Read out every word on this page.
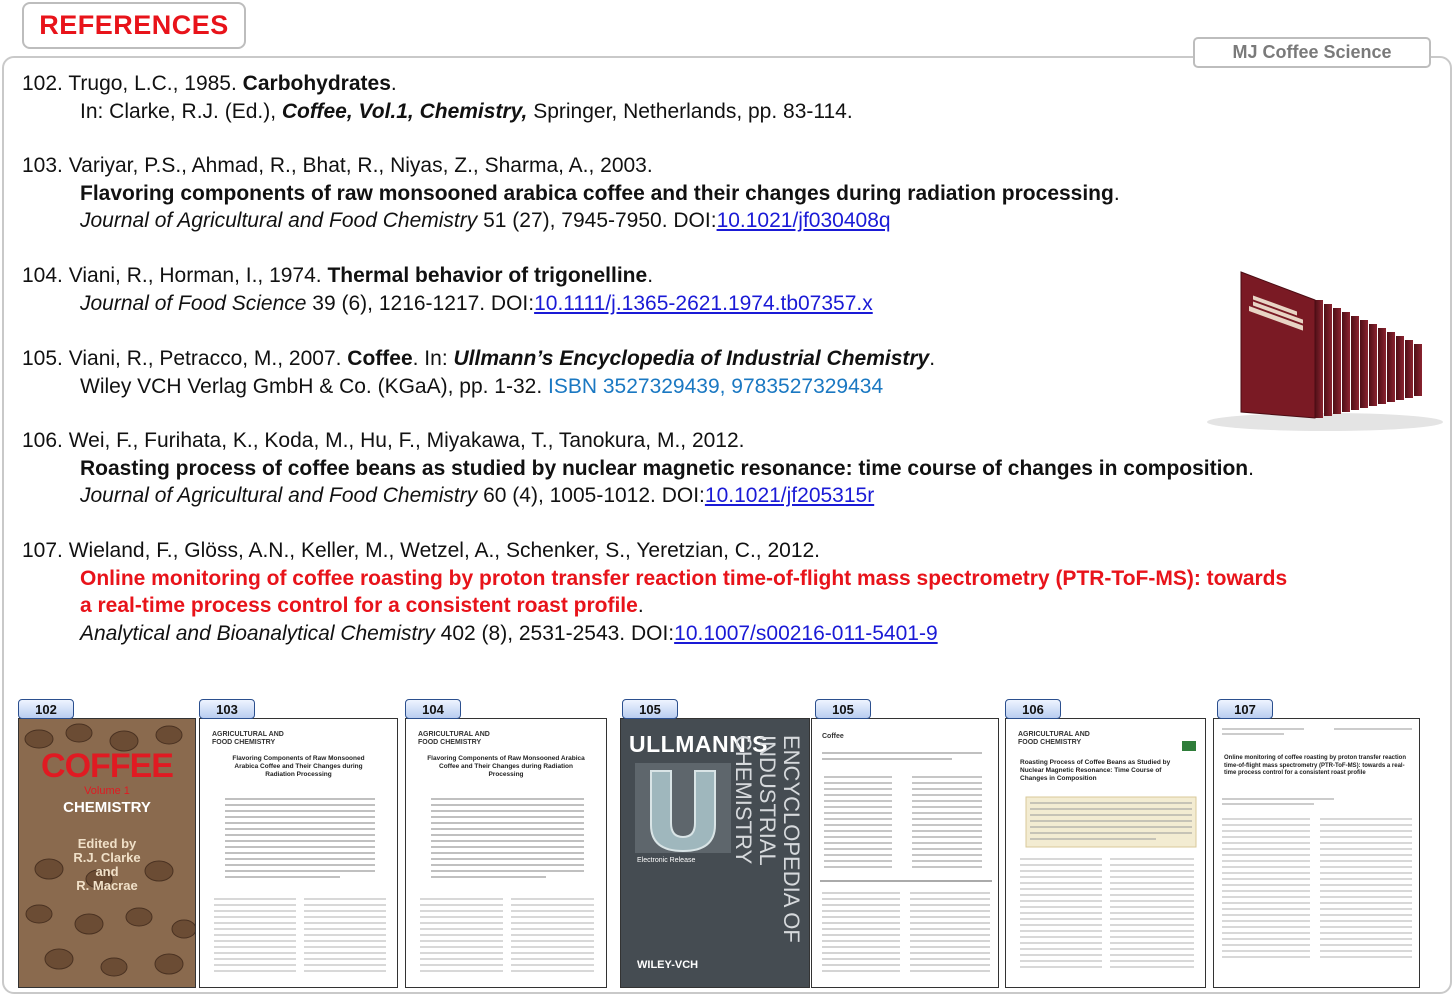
REFERENCES
MJ Coffee Science
102. Trugo, L.C., 1985. Carbohydrates.
In: Clarke, R.J. (Ed.), Coffee, Vol.1, Chemistry, Springer, Netherlands, pp. 83-114.
103. Variyar, P.S., Ahmad, R., Bhat, R., Niyas, Z., Sharma, A., 2003.
Flavoring components of raw monsooned arabica coffee and their changes during radiation processing.
Journal of Agricultural and Food Chemistry 51 (27), 7945-7950. DOI:10.1021/jf030408q
104. Viani, R., Horman, I., 1974. Thermal behavior of trigonelline.
Journal of Food Science 39 (6), 1216-1217. DOI:10.1111/j.1365-2621.1974.tb07357.x
105. Viani, R., Petracco, M., 2007. Coffee. In: Ullmann’s Encyclopedia of Industrial Chemistry.
Wiley VCH Verlag GmbH & Co. (KGaA), pp. 1-32. ISBN 3527329439, 9783527329434
106. Wei, F., Furihata, K., Koda, M., Hu, F., Miyakawa, T., Tanokura, M., 2012.
Roasting process of coffee beans as studied by nuclear magnetic resonance: time course of changes in composition.
Journal of Agricultural and Food Chemistry 60 (4), 1005-1012. DOI:10.1021/jf205315r
107. Wieland, F., Glöss, A.N., Keller, M., Wetzel, A., Schenker, S., Yeretzian, C., 2012.
Online monitoring of coffee roasting by proton transfer reaction time-of-flight mass spectrometry (PTR-ToF-MS): towards
a real-time process control for a consistent roast profile.
Analytical and Bioanalytical Chemistry 402 (8), 2531-2543. DOI:10.1007/s00216-011-5401-9
102	103	104	105	105	106	107
COFFEE
Volume 1
CHEMISTRY
Edited by
R.J. Clarke
and
R. Macrae
AGRICULTURAL AND
FOOD CHEMISTRY
Flavoring Components of Raw Monsooned Arabica Coffee and Their Changes during Radiation Processing
AGRICULTURAL AND
FOOD CHEMISTRY
Flavoring Components of Raw Monsooned Arabica Coffee and Their Changes during Radiation Processing
ULLMANN'S ENCYCLOPEDIA OF INDUSTRIAL CHEMISTRY
Electronic Release
WILEY-VCH
Coffee	AGRICULTURAL AND
FOOD CHEMISTRY
Roasting Process of Coffee Beans as Studied by Nuclear Magnetic Resonance: Time Course of Changes in Composition
Online monitoring of coffee roasting by proton transfer reaction time-of-flight mass spectrometry (PTR-ToF-MS): towards a real-time process control for a consistent roast profile
